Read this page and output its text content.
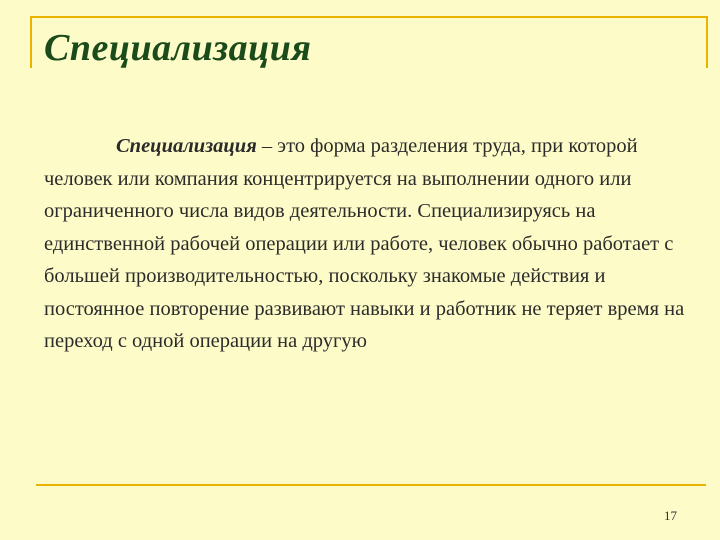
Специализация

Специализация – это форма разделения труда, при которой человек или компания концентрируется на выполнении одного или ограниченного числа видов деятельности. Специализируясь на единственной рабочей операции или работе, человек обычно работает с большей производительностью, поскольку знакомые действия и постоянное повторение развивают навыки и работник не теряет время на переход с одной операции на другую

17
